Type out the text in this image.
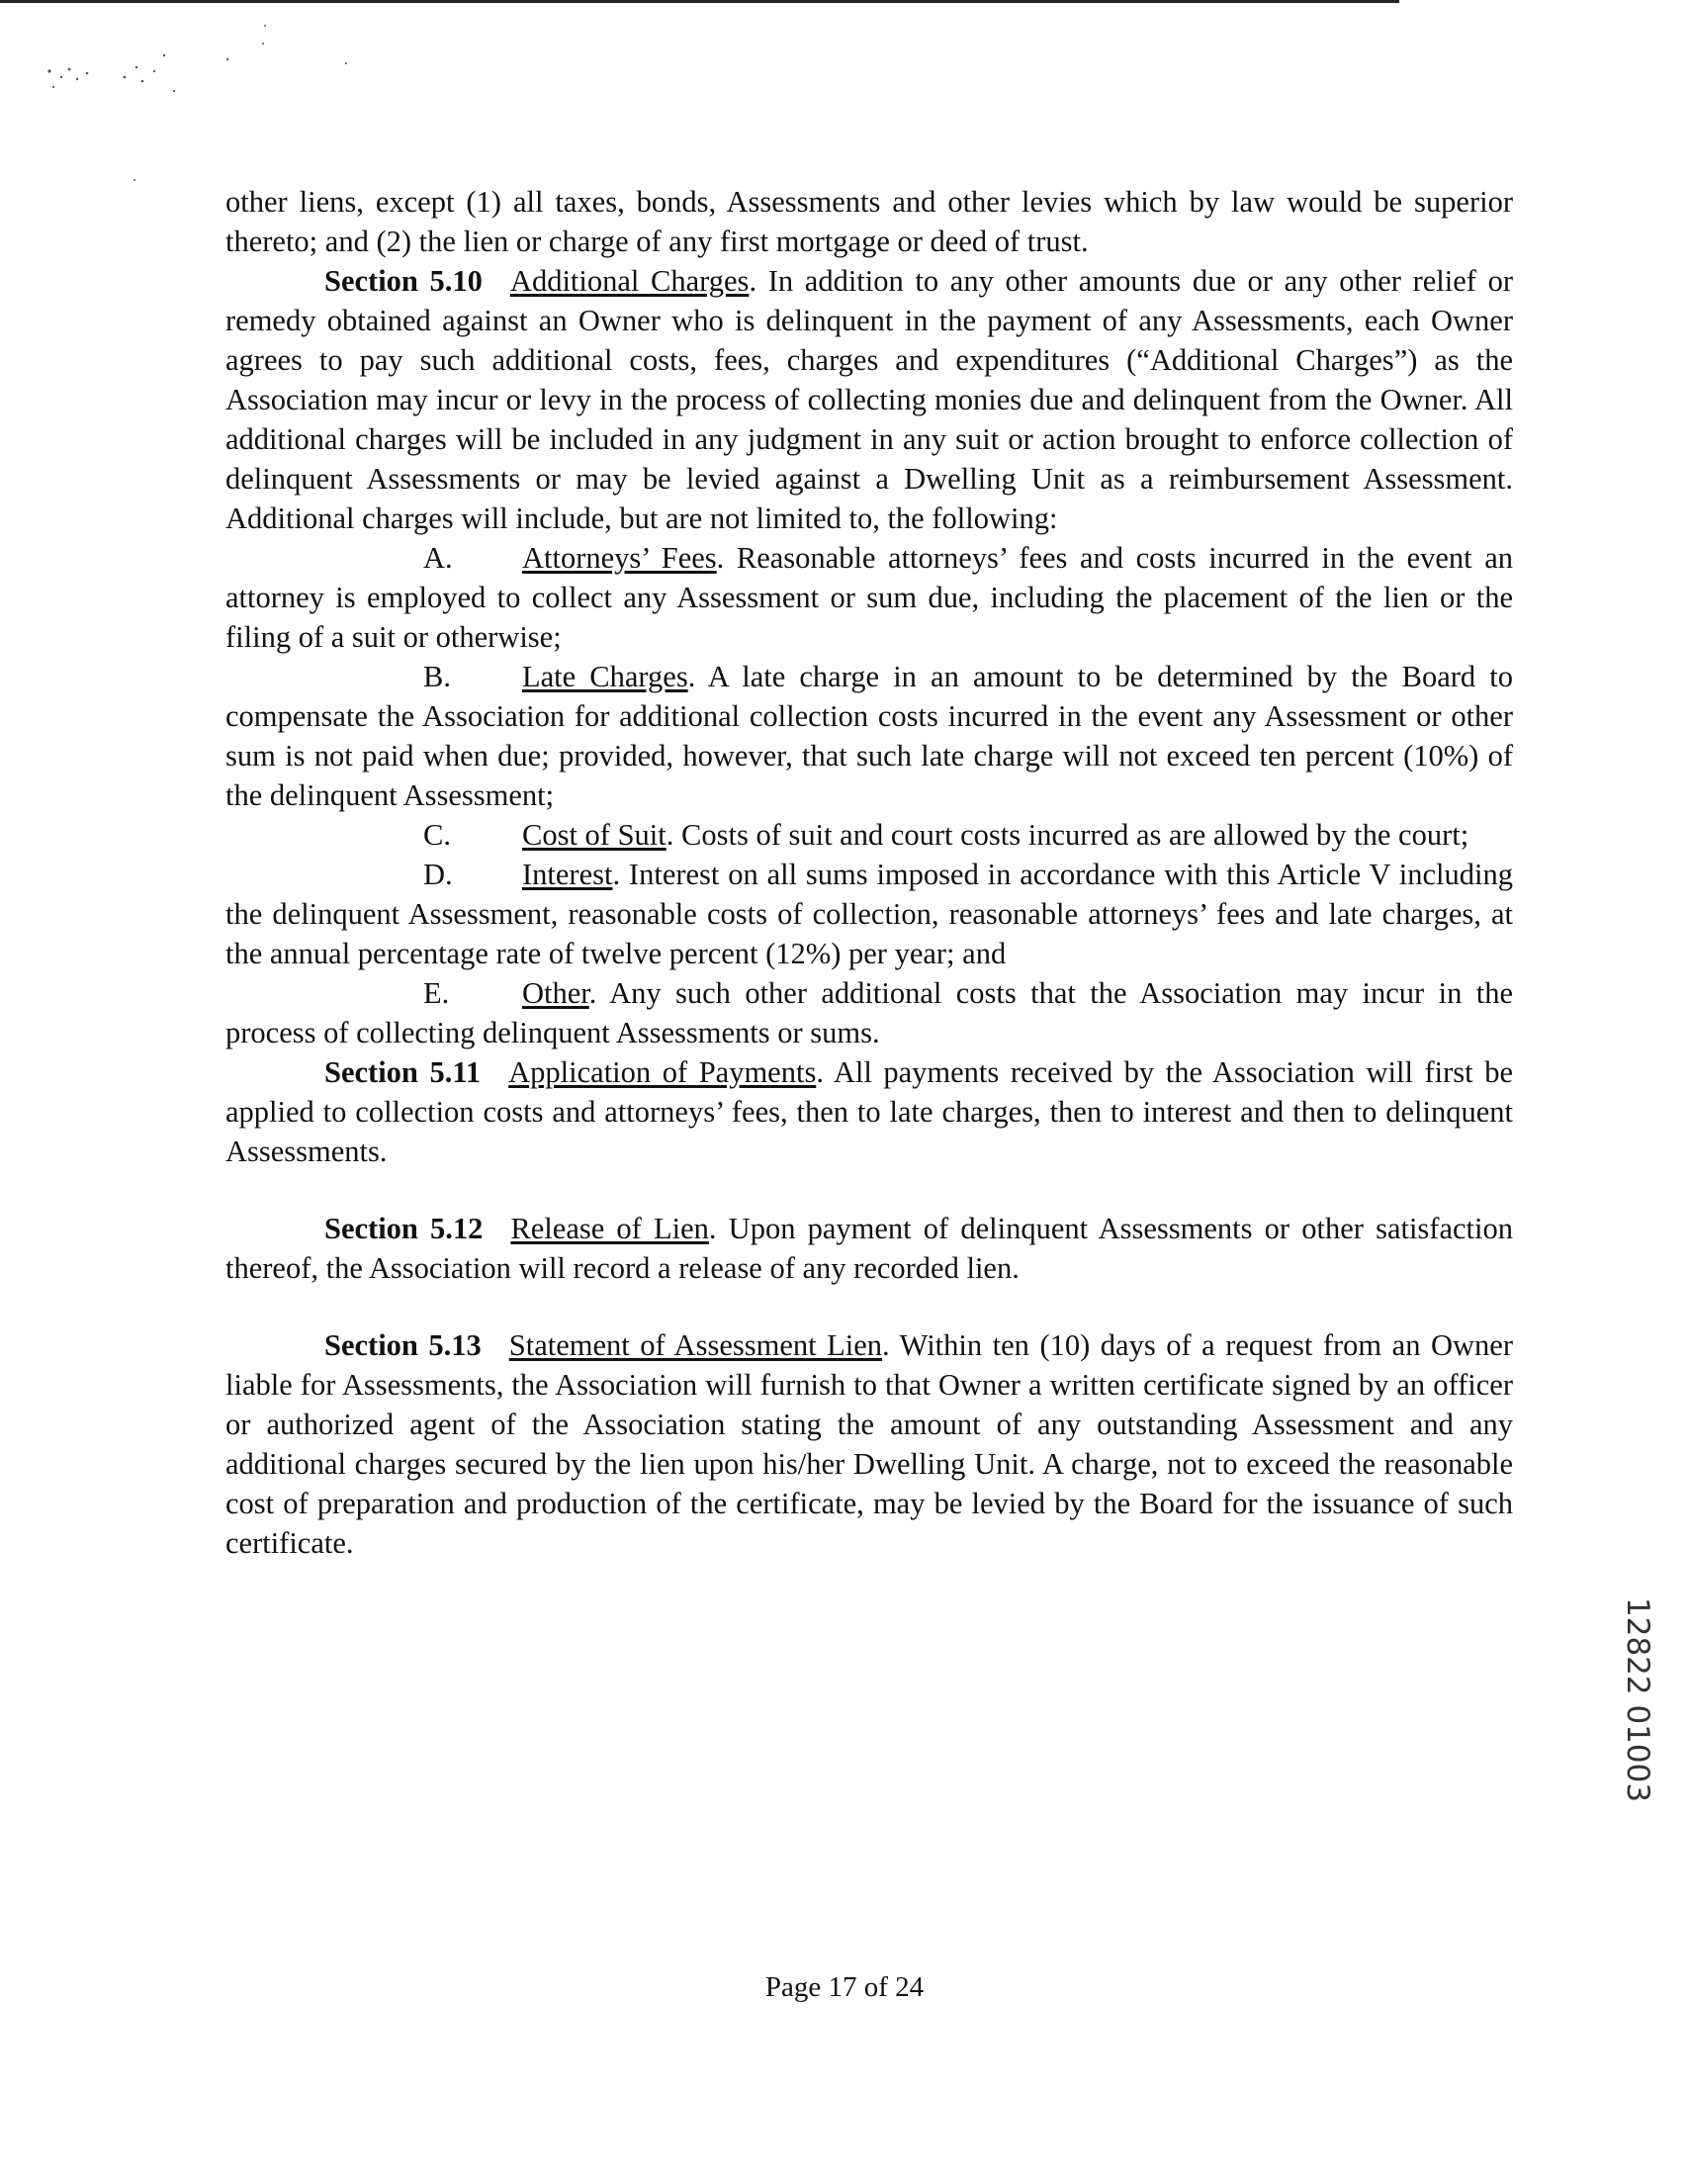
other liens, except (1) all taxes, bonds, Assessments and other levies which by law would be superior thereto; and (2) the lien or charge of any first mortgage or deed of trust.

Section 5.10 Additional Charges. In addition to any other amounts due or any other relief or remedy obtained against an Owner who is delinquent in the payment of any Assessments, each Owner agrees to pay such additional costs, fees, charges and expenditures (“Additional Charges”) as the Association may incur or levy in the process of collecting monies due and delinquent from the Owner. All additional charges will be included in any judgment in any suit or action brought to enforce collection of delinquent Assessments or may be levied against a Dwelling Unit as a reimbursement Assessment. Additional charges will include, but are not limited to, the following:

A. Attorneys’ Fees. Reasonable attorneys’ fees and costs incurred in the event an attorney is employed to collect any Assessment or sum due, including the placement of the lien or the filing of a suit or otherwise;

B. Late Charges. A late charge in an amount to be determined by the Board to compensate the Association for additional collection costs incurred in the event any Assessment or other sum is not paid when due; provided, however, that such late charge will not exceed ten percent (10%) of the delinquent Assessment;

C. Cost of Suit. Costs of suit and court costs incurred as are allowed by the court;

D. Interest. Interest on all sums imposed in accordance with this Article V including the delinquent Assessment, reasonable costs of collection, reasonable attorneys’ fees and late charges, at the annual percentage rate of twelve percent (12%) per year; and

E. Other. Any such other additional costs that the Association may incur in the process of collecting delinquent Assessments or sums.

Section 5.11 Application of Payments. All payments received by the Association will first be applied to collection costs and attorneys’ fees, then to late charges, then to interest and then to delinquent Assessments.

Section 5.12 Release of Lien. Upon payment of delinquent Assessments or other satisfaction thereof, the Association will record a release of any recorded lien.

Section 5.13 Statement of Assessment Lien. Within ten (10) days of a request from an Owner liable for Assessments, the Association will furnish to that Owner a written certificate signed by an officer or authorized agent of the Association stating the amount of any outstanding Assessment and any additional charges secured by the lien upon his/her Dwelling Unit. A charge, not to exceed the reasonable cost of preparation and production of the certificate, may be levied by the Board for the issuance of such certificate.

12822 01003
Page 17 of 24
